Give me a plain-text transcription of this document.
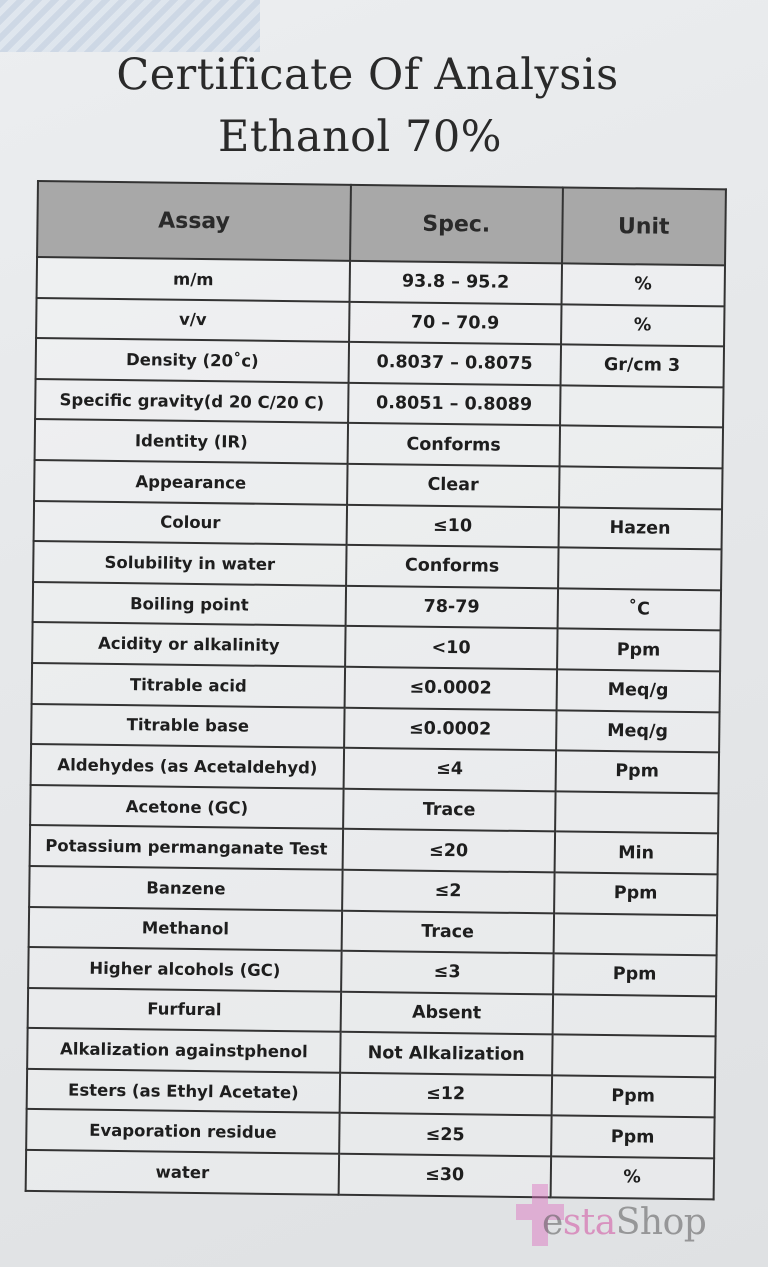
Certificate Of Analysis
Ethanol 70%
Assay	Spec.	Unit
m/m	93.8 – 95.2	%
v/v	70 – 70.9	%
Density (20˚c)	0.8037 – 0.8075	Gr/cm 3
Specific gravity(d 20 C/20 C)	0.8051 – 0.8089	
Identity (IR)	Conforms	
Appearance	Clear	
Colour	≤10	Hazen
Solubility in water	Conforms	
Boiling point	78-79	˚C
Acidity or alkalinity	<10	Ppm
Titrable acid	≤0.0002	Meq/g
Titrable base	≤0.0002	Meq/g
Aldehydes (as Acetaldehyd)	≤4	Ppm
Acetone (GC)	Trace	
Potassium permanganate Test	≤20	Min
Banzene	≤2	Ppm
Methanol	Trace	
Higher alcohols (GC)	≤3	Ppm
Furfural	Absent	
Alkalization againstphenol	Not Alkalization	
Esters (as Ethyl Acetate)	≤12	Ppm
Evaporation residue	≤25	Ppm
water	≤30	%
estaShop
